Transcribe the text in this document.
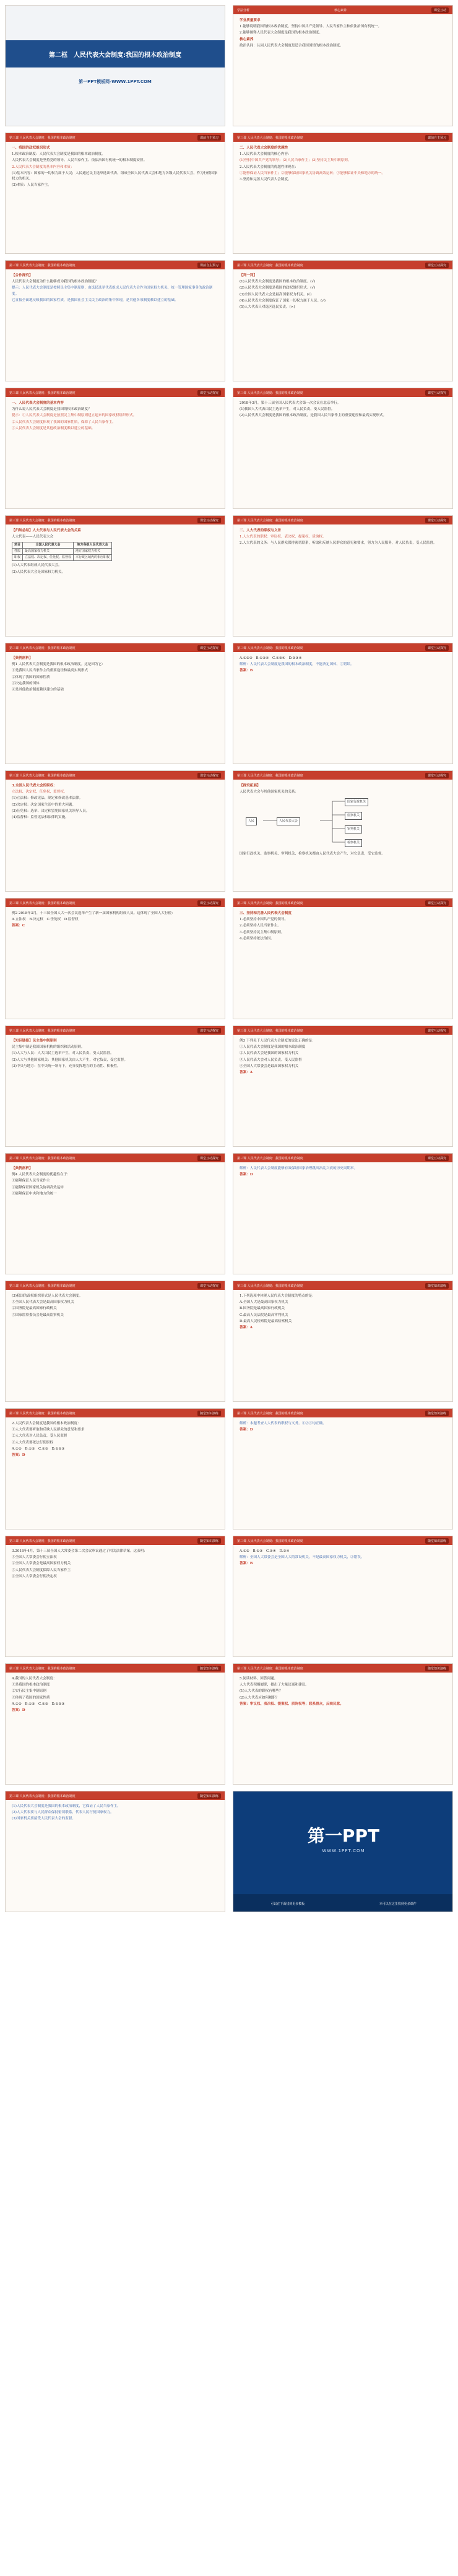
第二框　人民代表大会制度:我国的根本政治制度
第一PPT模板网-WWW.1PPT.COM
学法分析	核心素养	课堂互动

学业质量要求

1.能够说明我国的根本政治制度，坚持中国共产党领导、人民当家作主和依法治国有机统一。

2.能够阐释人民代表大会制度是我国的根本政治制度。

核心素养

政治认同：认同人民代表大会制度是适合我国国情的根本政治制度。

第三课 人民代表大会制度：我国的根本政治制度	课前自主预习

一、我国的政权组织形式

1.根本政治制度：人民代表大会制度是我国的根本政治制度。

人民代表大会制度是坚持党的领导、人民当家作主、依法治国有机统一的根本制度安排。

2.人民代表大会制度的基本内容和本质：

(1)基本内容：国家的一切权力属于人民；人民通过民主选举选出代表，组成全国人民代表大会和地方各级人民代表大会，作为行使国家权力的机关。

(2)本质：人民当家作主。

第三课 人民代表大会制度：我国的根本政治制度	课前自主预习

二、人民代表大会制度的优越性

1.人民代表大会制度的核心内容：

(1)坚持中国共产党的领导；(2)人民当家作主；(3)坚持民主集中制原则。

2.人民代表大会制度的优越性体现在：

①能够保证人民当家作主；②能够保证国家机关协调高效运转；③能够保证中央和地方的统一。

3.坚持和完善人民代表大会制度。

第三课 人民代表大会制度：我国的根本政治制度	课前自主预习

【合作探究】

人民代表大会制度为什么能够成为我国的根本政治制度？

提示：人民代表大会制度是按照民主集中制原则，由选民选举代表组成人民代表大会作为国家权力机关，统一管理国家事务的政治制度。

它直接全面地反映我国的国家性质，是我国社会主义民主政治的集中体现，是其他各项制度赖以建立的基础。

第三课 人民代表大会制度：我国的根本政治制度	课堂互动探究

【判一判】

(1)人民代表大会制度是我国的根本政治制度。(√)

(2)人民代表大会制度是我国的政权组织形式。(√)

(3)全国人民代表大会是最高国家权力机关。(√)

(4)人民代表大会制度保证了国家一切权力属于人民。(√)

(5)人大代表只对选区选民负责。(×)

第三课 人民代表大会制度：我国的根本政治制度	课堂互动探究

一、人民代表大会制度的基本内容

为什么说人民代表大会制度是我国的根本政治制度？

提示：①人民代表大会制度是按照民主集中制原则建立起来的国家政权组织形式。

②人民代表大会制度体现了我国的国家性质，保障了人民当家作主。

③人民代表大会制度是其他政治制度赖以建立的基础。

第三课 人民代表大会制度：我国的根本政治制度	课堂互动探究

2018年3月，第十三届全国人民代表大会第一次会议在北京举行。

(1)我国人大代表由民主选举产生，对人民负责，受人民监督。

(2)人民代表大会制度是我国的根本政治制度，是我国人民当家作主的重要途径和最高实现形式。

第三课 人民代表大会制度：我国的根本政治制度	课堂互动探究

【归纳总结】人大代表与人民代表大会的关系

人大代表——人民代表大会

项目	全国人民代表大会	地方各级人民代表大会
性质	最高国家权力机关	地方国家权力机关
职权	立法权、决定权、任免权、监督权	本行政区域内的相应职权

(1)人大代表组成人民代表大会。

(2)人民代表大会是国家权力机关。

第三课 人民代表大会制度：我国的根本政治制度	课堂互动探究

二、人大代表的职权与义务

1.人大代表的职权：审议权、表决权、提案权、质询权。

2.人大代表的义务：与人民群众保持密切联系，听取和反映人民群众的意见和要求，努力为人民服务，对人民负责，受人民监督。

第三课 人民代表大会制度：我国的根本政治制度	课堂互动探究

【典例剖析】

例1 人民代表大会制度是我国的根本政治制度。这是因为它：

①是我国人民当家作主的重要途径和最高实现形式

②体现了我国的国家性质

③决定我国的国体

④是其他政治制度赖以建立的基础

第三课 人民代表大会制度：我国的根本政治制度	课堂互动探究

A.①②③　B.①②④　C.①③④　D.②③④

解析：人民代表大会制度是我国的根本政治制度，不能决定国体，③错误。

答案：B

第三课 人民代表大会制度：我国的根本政治制度	课堂互动探究

3.全国人民代表大会的职权：

立法权、决定权、任免权、监督权。

(1)立法权：修改宪法、制定和修改基本法律。

(2)决定权：决定国家生活中的重大问题。

(3)任免权：选举、决定和罢免国家机关领导人员。

(4)监督权：监督宪法和法律的实施。

第三课 人民代表大会制度：我国的根本政治制度	课堂互动探究

【探究拓展】

人民代表大会与其他国家机关的关系：

人民	人民代表大会
国家行政机关
监察机关
审判机关
检察机关

国家行政机关、监察机关、审判机关、检察机关都由人民代表大会产生，对它负责，受它监督。

第三课 人民代表大会制度：我国的根本政治制度	课堂互动探究

例2 2018年3月，十三届全国人大一次会议选举产生了新一届国家机构组成人员。这体现了全国人大行使：

A.立法权　B.决定权　C.任免权　D.监督权

答案：C

第三课 人民代表大会制度：我国的根本政治制度	课堂互动探究

三、坚持和完善人民代表大会制度

1.必须坚持中国共产党的领导。

2.必须坚持人民当家作主。

3.必须坚持民主集中制原则。

4.必须坚持依法治国。

第三课 人民代表大会制度：我国的根本政治制度	课堂互动探究

【知识链接】民主集中制原则

民主集中制是我国国家机构的组织和活动原则。

(1)人大与人民：人大由民主选举产生，对人民负责，受人民监督。

(2)人大与其他国家机关：其他国家机关由人大产生，对它负责，受它监督。

(3)中央与地方：在中央统一领导下，充分发挥地方的主动性、积极性。

第三课 人民代表大会制度：我国的根本政治制度	课堂互动探究

例3 下列关于人民代表大会制度的说法正确的是：

①人民代表大会制度是我国的根本政治制度

②人民代表大会是我国的国家权力机关

③人民代表大会对人民负责，受人民监督

④全国人大常委会是最高国家权力机关

答案：A

第三课 人民代表大会制度：我国的根本政治制度	课堂互动探究

【典例剖析】

例4 人民代表大会制度的优越性在于：

①能够保证人民当家作主

②能够保证国家机关协调高效运转

③能够保证中央和地方的统一

第三课 人民代表大会制度：我国的根本政治制度	课堂互动探究

解析：人民代表大会制度能够有效保证国家治理跳出治乱兴衰的历史周期率。

答案：D

第三课 人民代表大会制度：我国的根本政治制度	课堂互动探究

(3)我国的政权组织形式是人民代表大会制度。

①全国人民代表大会是最高国家权力机关

②国务院是最高国家行政机关

③国家监察委员会是最高监察机关

第三课 人民代表大会制度：我国的根本政治制度	随堂知识演练

1.下列选项中体现人民代表大会制度的特点的是：

A.全国人大是最高国家权力机关

B.国务院是最高国家行政机关

C.最高人民法院是最高审判机关

D.最高人民检察院是最高检察机关

答案：A

第三课 人民代表大会制度：我国的根本政治制度	随堂知识演练

2.人民代表大会制度是我国的根本政治制度：

①人大代表要听取和反映人民群众的意见和要求

②人大代表对人民负责，受人民监督

③人大代表要依法行使职权

A.①②　B.①③　C.②③　D.①②③

答案：D

第三课 人民代表大会制度：我国的根本政治制度	随堂知识演练

解析：本题考查人大代表的职权与义务。①②③均正确。

答案：D

第三课 人民代表大会制度：我国的根本政治制度	随堂知识演练

3.2018年4月，第十三届全国人大常委会第二次会议审议通过了相关法律草案。这表明：

①全国人大常委会行使立法权

②全国人大常委会是最高国家权力机关

③人民代表大会制度保障人民当家作主

④全国人大常委会行使决定权

第三课 人民代表大会制度：我国的根本政治制度	随堂知识演练

A.①②　B.①③　C.②④　D.③④

解析：全国人大常委会是全国人大的常设机关，不是最高国家权力机关，②错误。

答案：B

第三课 人民代表大会制度：我国的根本政治制度	随堂知识演练

4.我国的人民代表大会制度：

①是我国的根本政治制度

②实行民主集中制原则

③体现了我国的国家性质

A.①②　B.①③　C.②③　D.①②③

答案：D

第三课 人民代表大会制度：我国的根本政治制度	随堂知识演练

5.阅读材料，回答问题。

人大代表积极履职，提出了大量议案和建议。

(1)人大代表的职权有哪些？

(2)人大代表应如何履职？

答案：审议权、表决权、提案权、质询权等；联系群众，反映民意。

第三课 人民代表大会制度：我国的根本政治制度	随堂知识演练

(1)人民代表大会制度是我国的根本政治制度，它保证了人民当家作主。

(2)人大代表要与人民群众保持密切联系，代表人民行使国家权力。

(3)国家机关要接受人民代表大会的监督。

第一PPT
WWW.1PPT.COM
可以在下面找到更多模板	本可以在这里找到更多课件
